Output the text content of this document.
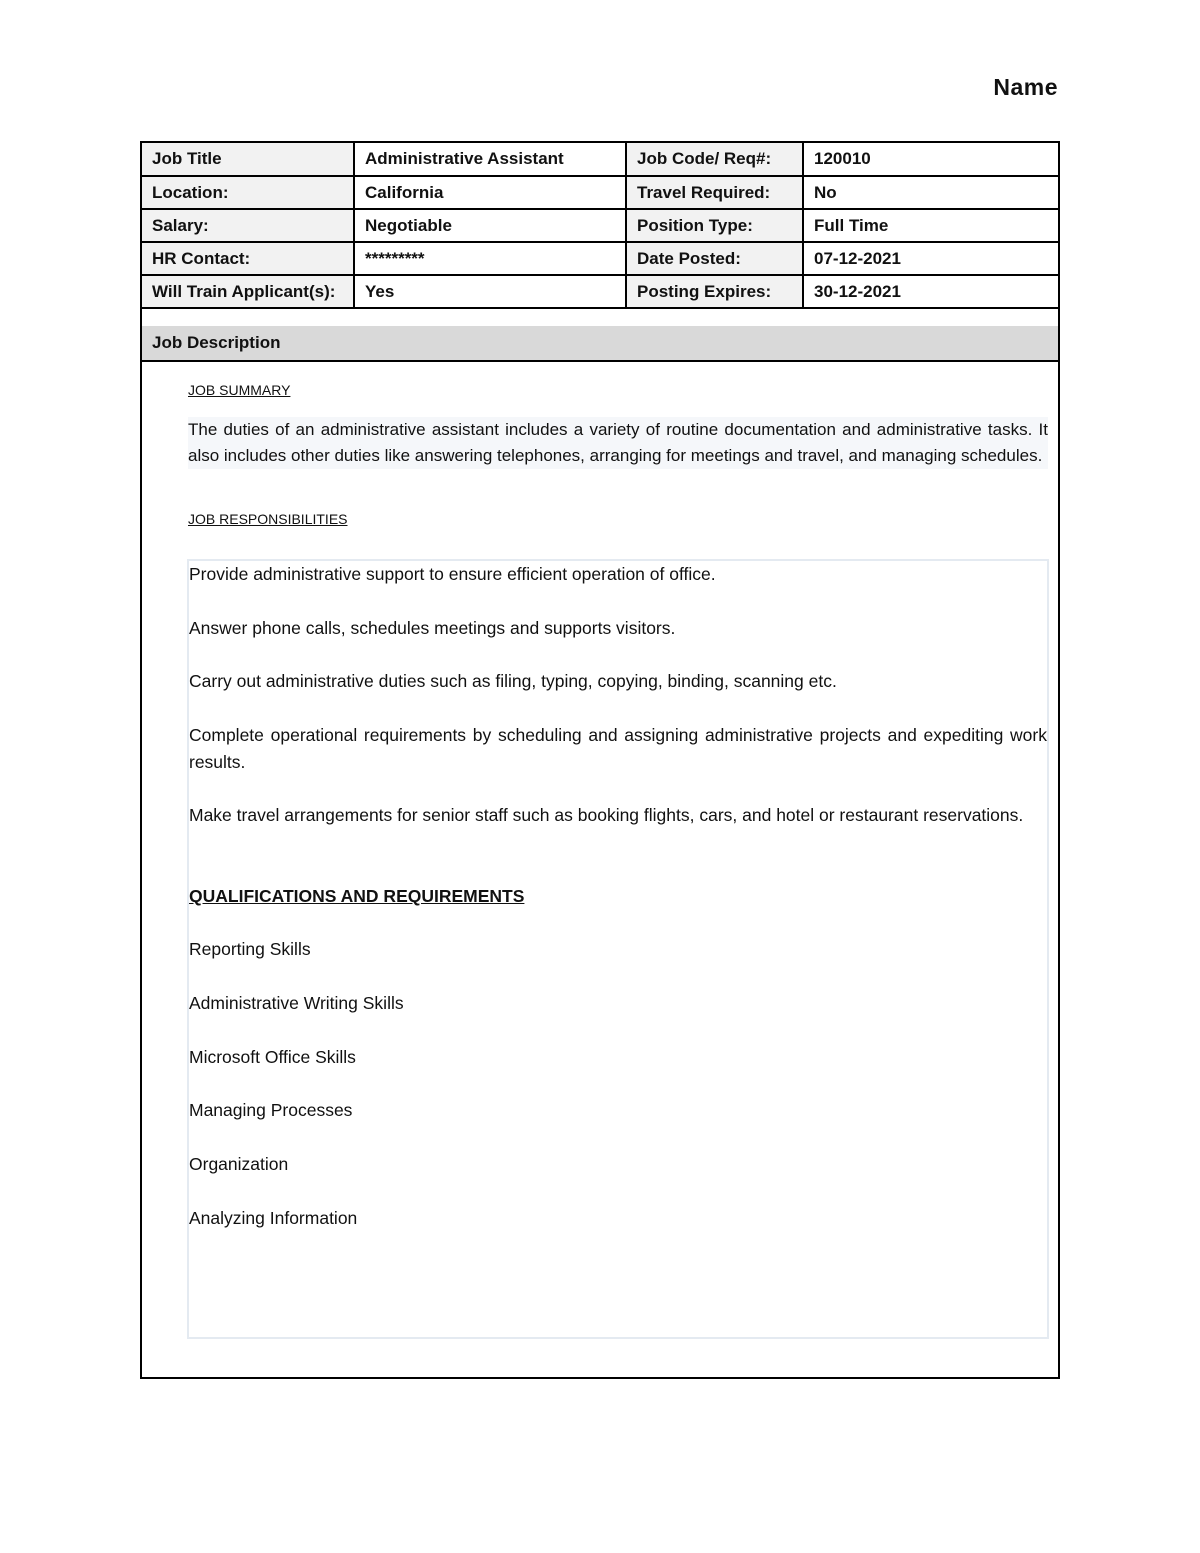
Name
Job Title	Administrative Assistant	Job Code/ Req#:	120010
Location:	California	Travel Required:	No
Salary:	Negotiable	Position Type:	Full Time
HR Contact:	*********	Date Posted:	07-12-2021
Will Train Applicant(s):	Yes	Posting Expires:	30-12-2021
Job Description
JOB SUMMARY
The duties of an administrative assistant includes a variety of routine documentation and administrative tasks. It also includes other duties like answering telephones, arranging for meetings and travel, and managing schedules.
JOB RESPONSIBILITIES

Provide administrative support to ensure efficient operation of office.

Answer phone calls, schedules meetings and supports visitors.

Carry out administrative duties such as filing, typing, copying, binding, scanning etc.

Complete operational requirements by scheduling and assigning administrative projects and expediting work results.

Make travel arrangements for senior staff such as booking flights, cars, and hotel or restaurant reservations.

QUALIFICATIONS AND REQUIREMENTS

Reporting Skills

Administrative Writing Skills

Microsoft Office Skills

Managing Processes

Organization

Analyzing Information
